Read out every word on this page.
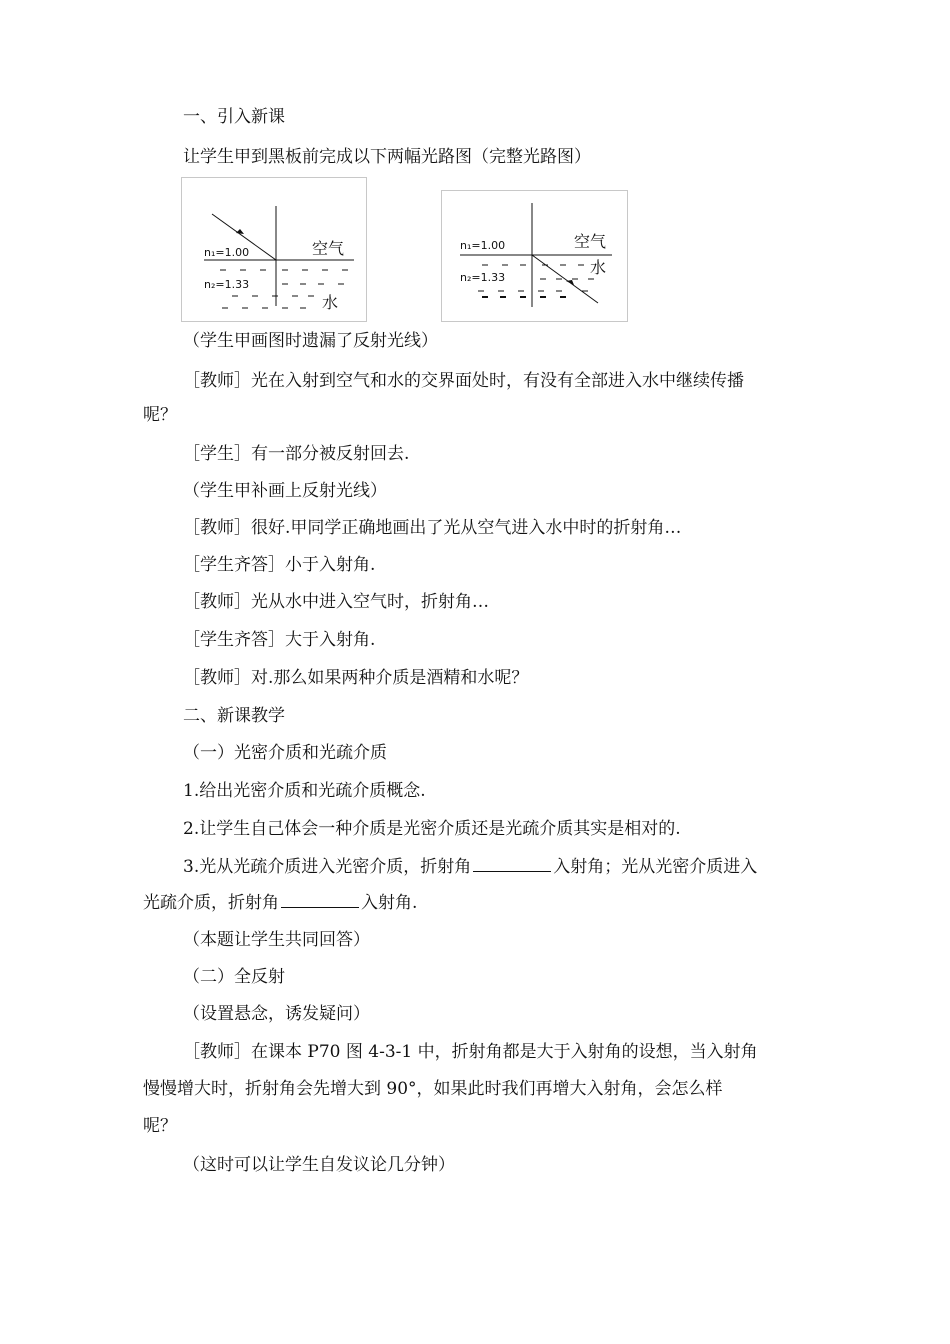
一、引入新课
让学生甲到黑板前完成以下两幅光路图（完整光路图）
n₁=1.00
n₂=1.33
空气
水
n₁=1.00
n₂=1.33
空气
水
（学生甲画图时遗漏了反射光线）
［教师］光在入射到空气和水的交界面处时，有没有全部进入水中继续传播
呢？
［学生］有一部分被反射回去.
（学生甲补画上反射光线）
［教师］很好.甲同学正确地画出了光从空气进入水中时的折射角…
［学生齐答］小于入射角.
［教师］光从水中进入空气时，折射角…
［学生齐答］大于入射角.
［教师］对.那么如果两种介质是酒精和水呢？
二、新课教学
（一）光密介质和光疏介质
1.给出光密介质和光疏介质概念.
2.让学生自己体会一种介质是光密介质还是光疏介质其实是相对的.
3.光从光疏介质进入光密介质，折射角	入射角；光从光密介质进入
光疏介质，折射角	入射角.
（本题让学生共同回答）
（二）全反射
（设置悬念，诱发疑问）
［教师］在课本 P70 图 4-3-1 中，折射角都是大于入射角的设想，当入射角
慢慢增大时，折射角会先增大到 90°，如果此时我们再增大入射角，会怎么样
呢？
（这时可以让学生自发议论几分钟）
